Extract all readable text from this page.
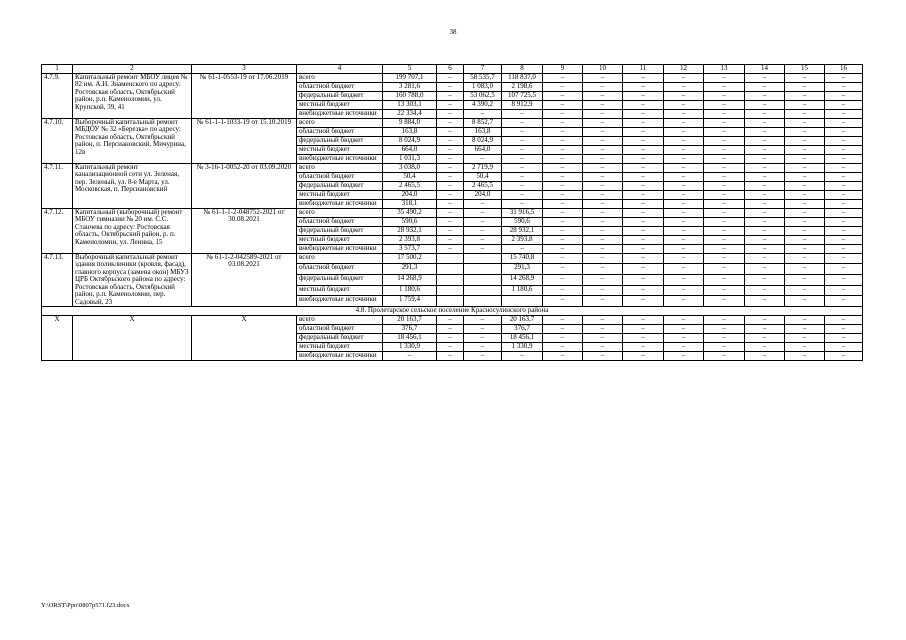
38
1	2	3	4	5	6	7	8	9	10	11	12	13	14	15	16
4.7.9.	Капитальный ремонт МБОУ лицея № 82 им. А.Н. Знаменского по адресу: Ростовская область, Октябрьский район, р.п. Каменоломни, ул. Крупской, 39, 41	№ 61-1-0553-19 от 17.06.2019	всего	199 707,1	–	58 535,7	118 837,0	–	–	–	–	–	–	–	–
			областной бюджет	3 281,6	–	1 083,0	2 198,6	–	–	–	–	–	–	–	–
			федеральный бюджет	160 788,0	–	53 062,5	107 725,5	–	–	–	–	–	–	–	–
			местный бюджет	13 303,1	–	4 390,2	8 912,9	–	–	–	–	–	–	–	–
			внебюджетные источники	22 334,4	–	–	–	–	–	–	–	–	–	–	–
4.7.10.	Выборочный капитальный ремонт МБДОУ № 32 «Березка» по адресу: Ростовская область, Октябрьский район, п. Персиановский, Мичурина, 12в	№ 61-1-1-1033-19 от 15.10.2019	всего	9 884,0	–	8 852,7	–	–	–	–	–	–	–	–	–
			областной бюджет	163,8	–	163,8	–	–	–	–	–	–	–	–	–
			федеральный бюджет	8 024,9	–	8 024,9	–	–	–	–	–	–	–	–	–
			местный бюджет	664,0	–	664,0	–	–	–	–	–	–	–	–	–
			внебюджетные источники	1 031,3	–	–	–	–	–	–	–	–	–	–	–
4.7.11.	Капитальный ремонт канализационной сети ул. Зеленая, пер. Зеленый, ул. 8-е Марта, ул. Московская, п. Персиановский	№ 3-16-1-0052-20 от 03.09.2020	всего	3 038,0	–	2 719,9	–	–	–	–	–	–	–	–	–
			областной бюджет	50,4	–	50,4	–	–	–	–	–	–	–	–	–
			федеральный бюджет	2 465,5	–	2 465,5	–	–	–	–	–	–	–	–	–
			местный бюджет	204,0	–	204,0	–	–	–	–	–	–	–	–	–
			внебюджетные источники	318,1	–	–	–	–	–	–	–	–	–	–	–
4.7.12.	Капитальный (выборочный) ремонт МБОУ гимназии № 20 им. С.С. Станчева по адресу: Ростовская область, Октябрьский район, р. п. Каменоломни, ул. Ленина, 15	№ 61-1-1-2-048752-2021 от 30.08.2021	всего	35 490,2	–	–	31 916,5	–	–	–	–	–	–	–	–
			областной бюджет	590,6	–	–	590,6	–	–	–	–	–	–	–	–
			федеральный бюджет	28 932,1	–	–	28 932,1	–	–	–	–	–	–	–	–
			местный бюджет	2 393,8	–	–	2 393,8	–	–	–	–	–	–	–	–
			внебюджетные источники	3 573,7	–	–	–	–	–	–	–	–	–	–	–
4.7.13.	Выборочный капитальный ремонт здания поликлиники (кровля, фасад), главного корпуса (замена окон) МБУЗ ЦРБ Октябрьского района по адресу: Ростовская область, Октябрьский район, р.п. Каменоломни, пер. Садовый, 23	№ 61-1-2-042589-2021 от 03.08.2021	всего	17 500,2			15 740,8	–	–	–	–	–	–	–	–
			областной бюджет	291,3			291,3	–	–	–	–	–	–	–	–
			федеральный бюджет	14 268,9			14 268,9	–	–	–	–	–	–	–	–
			местный бюджет	1 180,6			1 180,6	–	–	–	–	–	–	–	–
			внебюджетные источники	1 759,4				–	–	–	–	–	–	–	–
4.8. Пролетарское сельское поселение Красносулинского района															
Х	Х	Х	всего	20 163,7	–	–	20 163,7	–	–	–	–	–	–	–	–
			областной бюджет	376,7	–	–	376,7	–	–	–	–	–	–	–	–
			федеральный бюджет	18 456,1	–	–	18 456,1	–	–	–	–	–	–	–	–
			местный бюджет	1 330,9	–	–	1 330,9	–	–	–	–	–	–	–	–
			внебюджетные источники	–	–	–	–	–	–	–	–	–	–	–	–
Y:\ORST\Ppo\0807p571.f23.docx
